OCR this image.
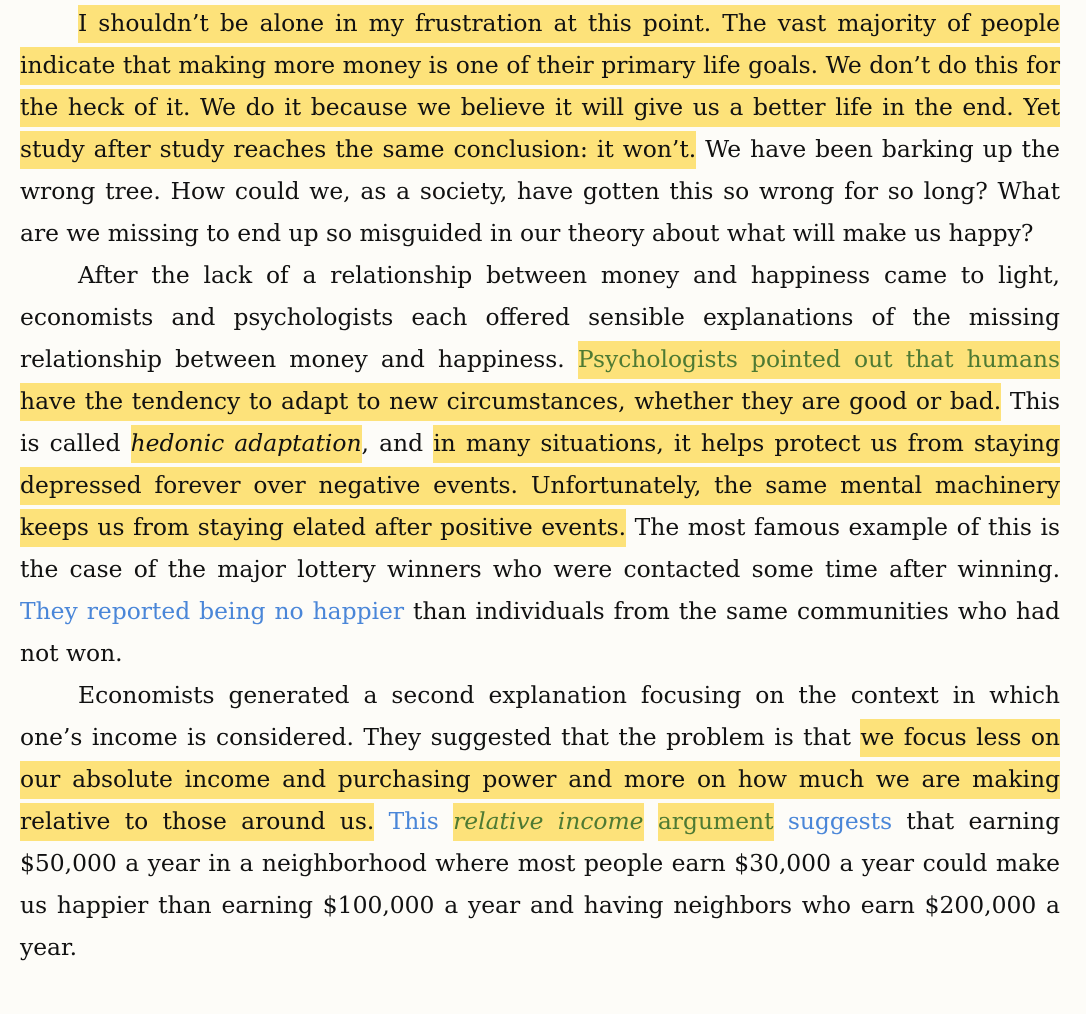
I shouldn’t be alone in my frustration at this point. The vast majority of people indicate that making more money is one of their primary life goals. We don’t do this for the heck of it. We do it because we believe it will give us a better life in the end. Yet study after study reaches the same conclusion: it won’t. We have been barking up the wrong tree. How could we, as a society, have gotten this so wrong for so long? What are we missing to end up so misguided in our theory about what will make us happy?

After the lack of a relationship between money and happiness came to light, economists and psychologists each offered sensible explanations of the missing relationship between money and happiness. Psychologists pointed out that humans have the tendency to adapt to new circumstances, whether they are good or bad. This is called hedonic adaptation, and in many situations, it helps protect us from staying depressed forever over negative events. Unfortunately, the same mental machinery keeps us from staying elated after positive events. The most famous example of this is the case of the major lottery winners who were contacted some time after winning. They reported being no happier than individuals from the same communities who had not won.

Economists generated a second explanation focusing on the context in which one’s income is considered. They suggested that the problem is that we focus less on our absolute income and purchasing power and more on how much we are making relative to those around us. This relative income argument suggests that earning $50,000 a year in a neighborhood where most people earn $30,000 a year could make us happier than earning $100,000 a year and having neighbors who earn $200,000 a year.
